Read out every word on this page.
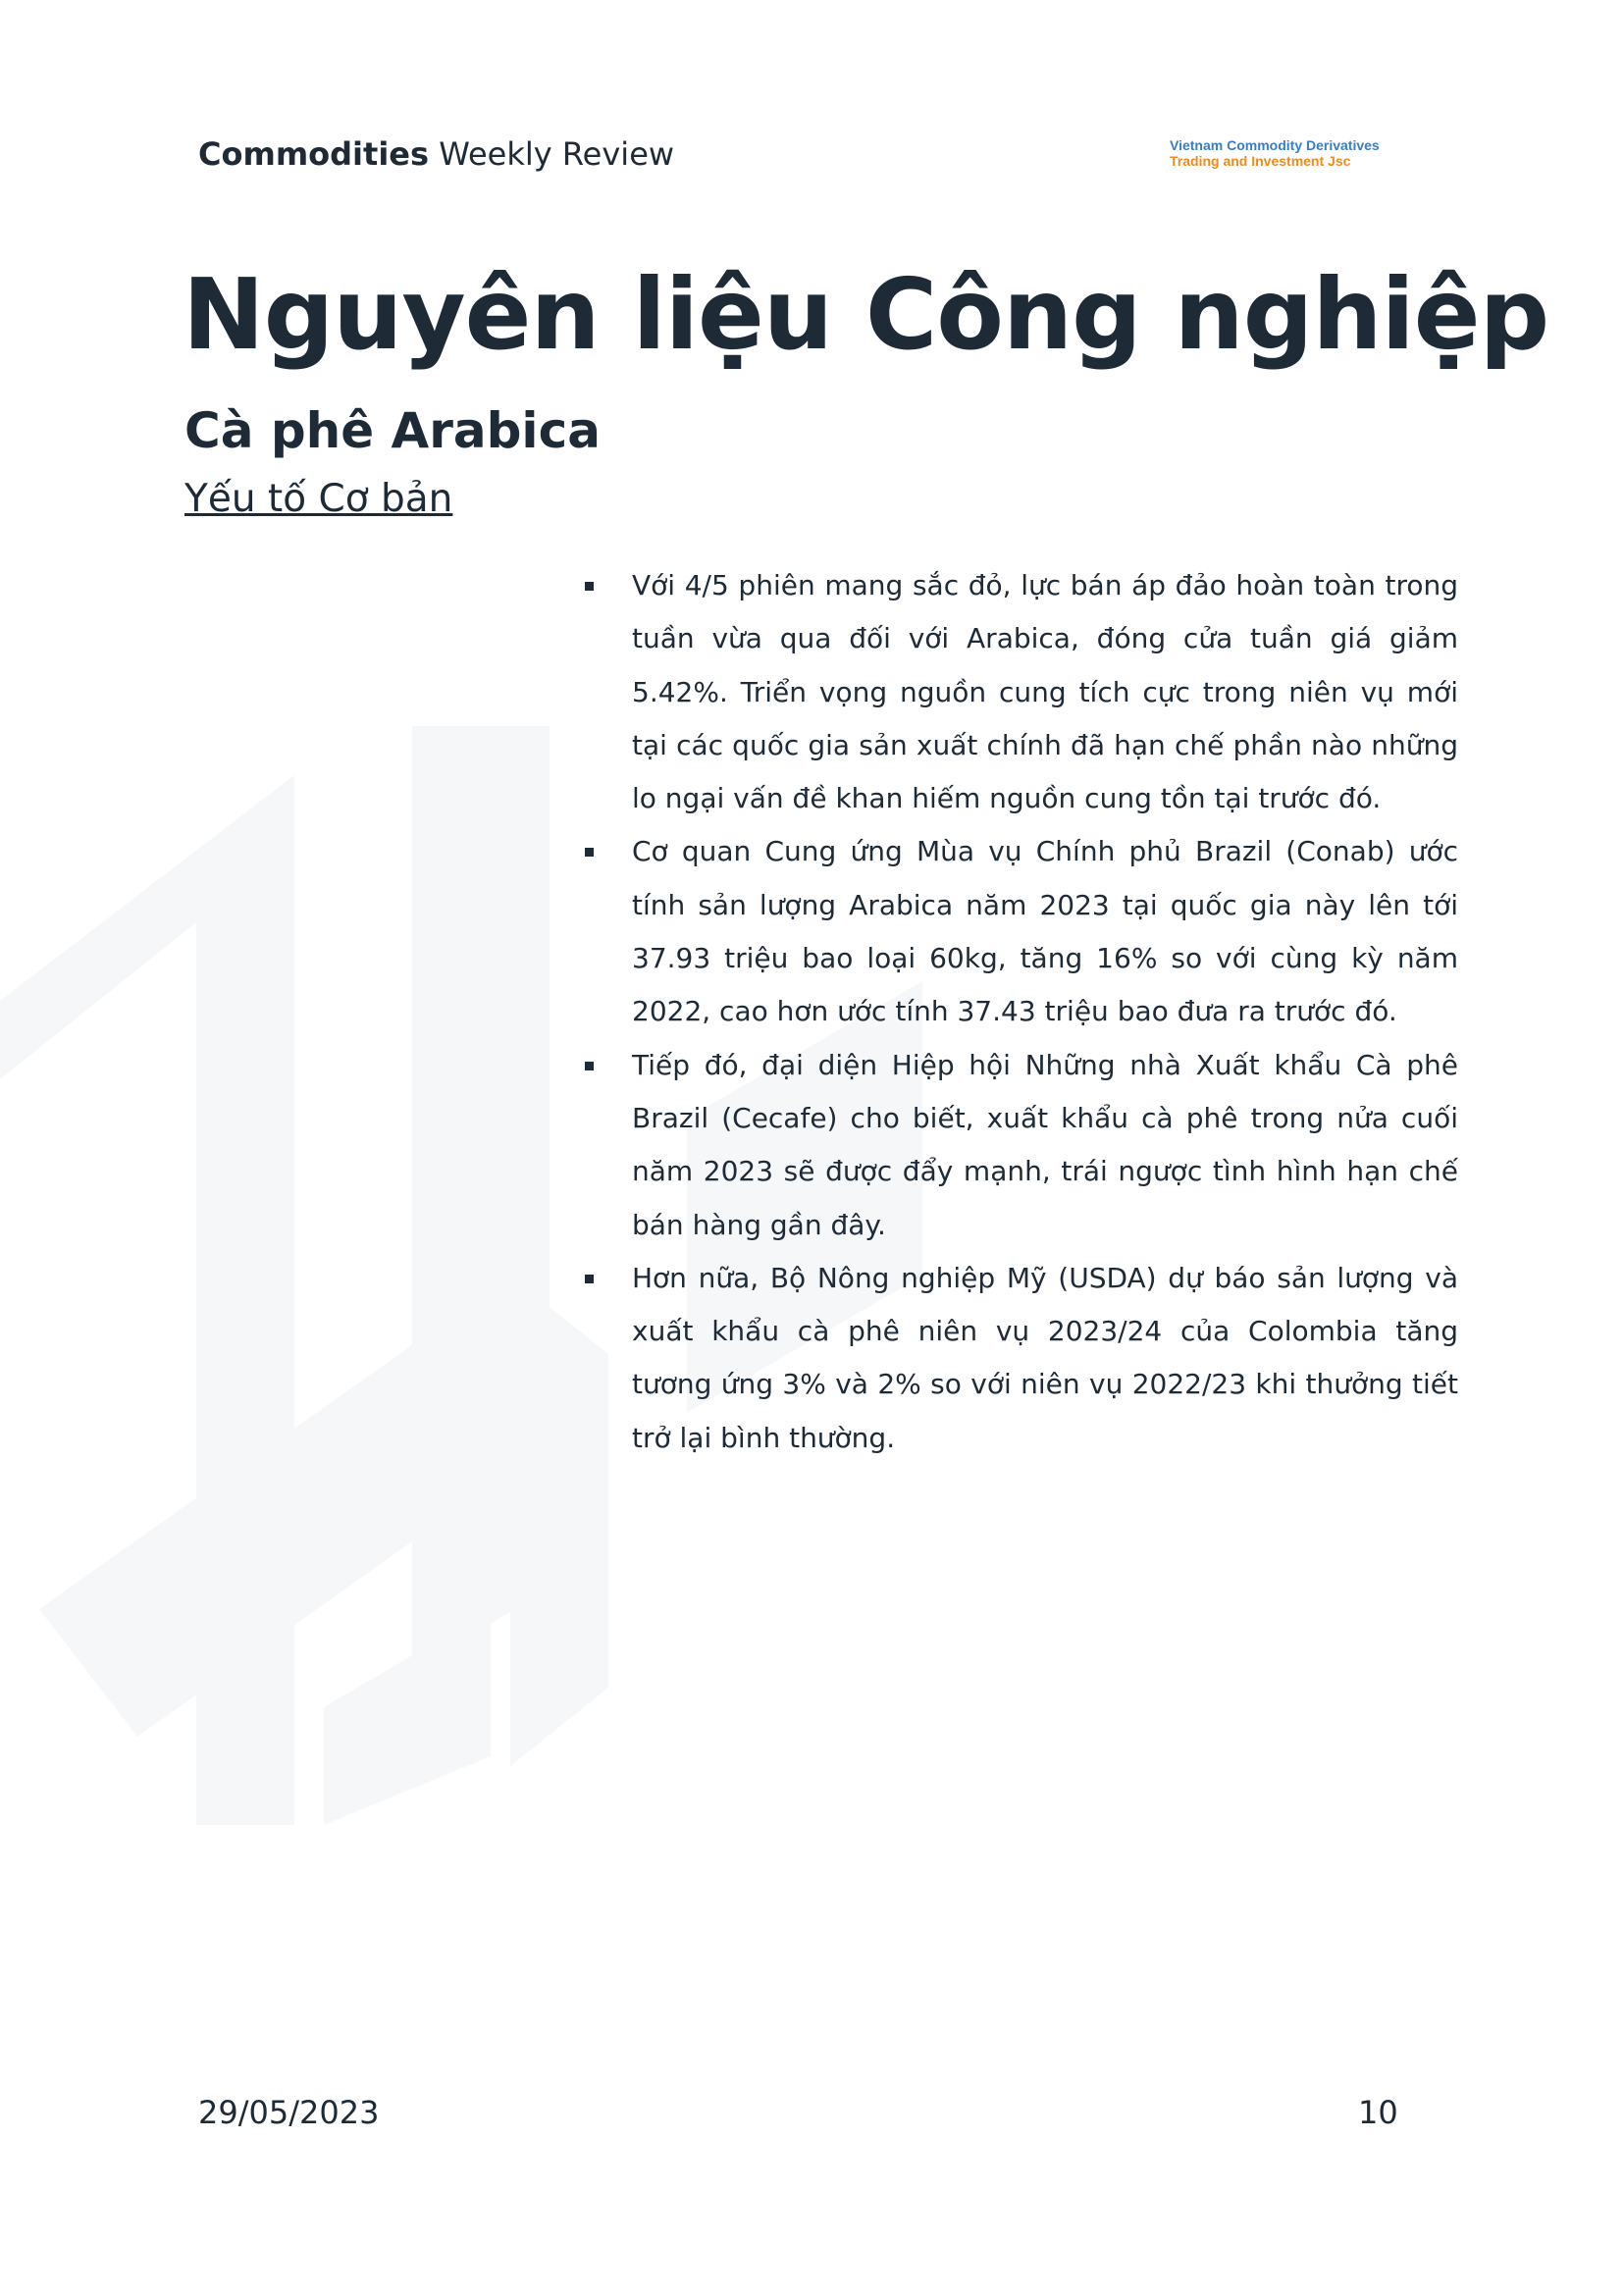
Commodities Weekly Review	Vietnam Commodity Derivatives
Trading and Investment Jsc
Nguyên liệu Công nghiệp
Cà phê Arabica
Yếu tố Cơ bản
Với 4/5 phiên mang sắc đỏ, lực bán áp đảo hoàn toàn trong tuần vừa qua đối với Arabica, đóng cửa tuần giá giảm 5.42%. Triển vọng nguồn cung tích cực trong niên vụ mới tại các quốc gia sản xuất chính đã hạn chế phần nào những lo ngại vấn đề khan hiếm nguồn cung tồn tại trước đó.
Cơ quan Cung ứng Mùa vụ Chính phủ Brazil (Conab) ước tính sản lượng Arabica năm 2023 tại quốc gia này lên tới 37.93 triệu bao loại 60kg, tăng 16% so với cùng kỳ năm 2022, cao hơn ước tính 37.43 triệu bao đưa ra trước đó.
Tiếp đó, đại diện Hiệp hội Những nhà Xuất khẩu Cà phê Brazil (Cecafe) cho biết, xuất khẩu cà phê trong nửa cuối năm 2023 sẽ được đẩy mạnh, trái ngược tình hình hạn chế bán hàng gần đây.
Hơn nữa, Bộ Nông nghiệp Mỹ (USDA) dự báo sản lượng và xuất khẩu cà phê niên vụ 2023/24 của Colombia tăng tương ứng 3% và 2% so với niên vụ 2022/23 khi thưởng tiết trở lại bình thường.
29/05/2023	10
